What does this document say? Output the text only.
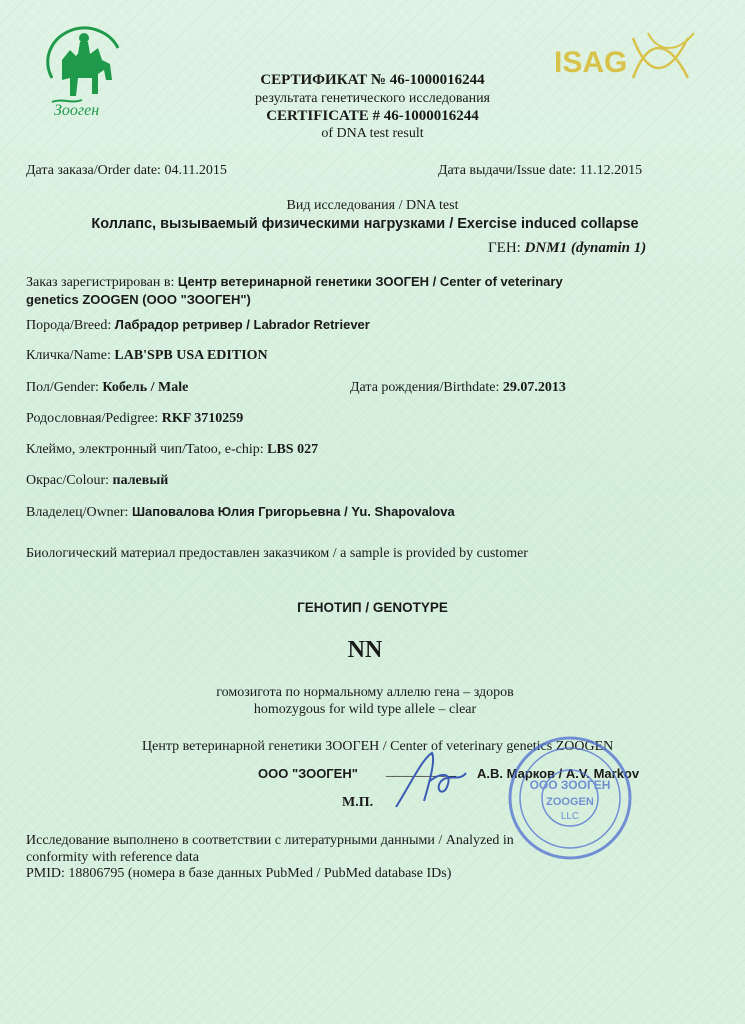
Зооген
ISAG
СЕРТИФИКАТ № 46-1000016244
результата генетического исследования
CERTIFICATE # 46-1000016244
of DNA test result
Дата заказа/Order date: 04.11.2015	Дата выдачи/Issue date: 11.12.2015
Вид исследования / DNA test
Коллапс, вызываемый физическими нагрузками / Exercise induced collapse
ГЕН: DNM1 (dynamin 1)
Заказ зарегистрирован в: Центр ветеринарной генетики ЗООГЕН / Center of veterinary
genetics ZOOGEN (ООО "ЗООГЕН")
Порода/Breed: Лабрадор ретривер / Labrador Retriever
Кличка/Name: LAB'SPB USA EDITION
Пол/Gender: Кобель / Male	Дата рождения/Birthdate: 29.07.2013
Родословная/Pedigree: RKF 3710259
Клеймо, электронный чип/Tatoo, e-chip: LBS 027
Окрас/Colour: палевый
Владелец/Owner: Шаповалова Юлия Григорьевна / Yu. Shapovalova
Биологический материал предоставлен заказчиком / a sample is provided by customer
ГЕНОТИП / GENOTYPE
NN
гомозигота по нормальному аллелю гена – здоров
homozygous for wild type allele – clear
Центр ветеринарной генетики ЗООГЕН / Center of veterinary genetics ZOOGEN
ООО "ЗООГЕН" __________ А.В. Марков / A.V. Markov
М.П.
ООО ЗООГЕН
ZOOGEN
LLC
Исследование выполнено в соответствии с литературными данными / Analyzed in
conformity with reference data
PMID: 18806795 (номера в базе данных PubMed / PubMed database IDs)
